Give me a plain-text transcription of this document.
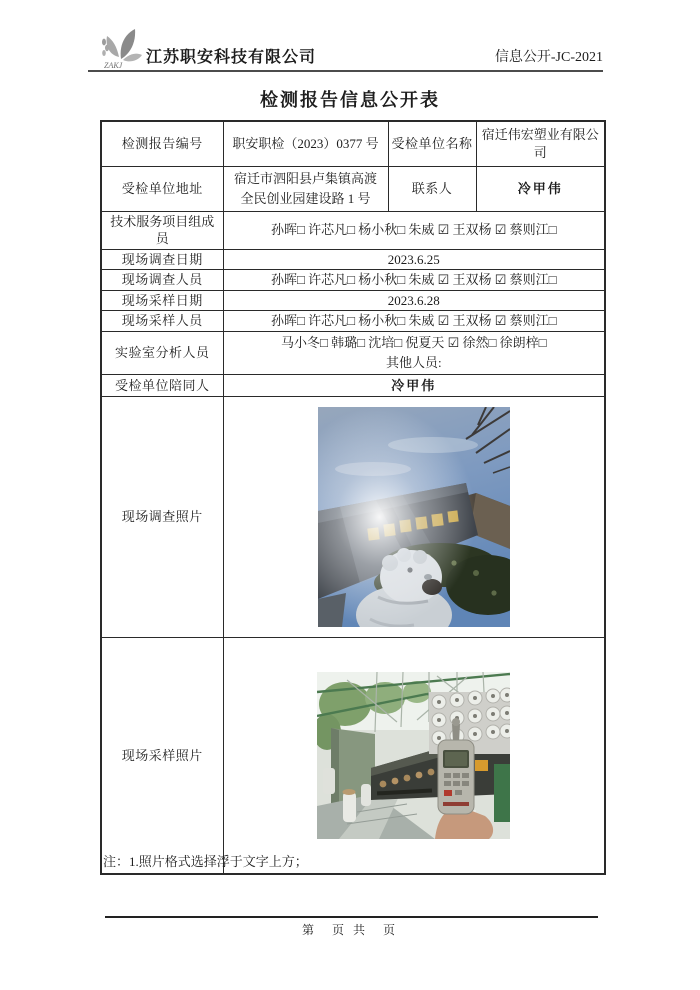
ZAKJ 江苏职安科技有限公司	信息公开-JC-2021
检测报告信息公开表
检测报告编号	职安职检（2023）0377 号	受检单位名称	宿迁伟宏塑业有限公司
受检单位地址	宿迁市泗阳县卢集镇高渡
全民创业园建设路 1 号	联系人	冷甲伟
技术服务项目组成员	孙晖□ 许芯凡□ 杨小秋□ 朱威 ☑ 王双杨 ☑ 蔡则江□		
现场调查日期	2023.6.25		
现场调查人员	孙晖□ 许芯凡□ 杨小秋□ 朱威 ☑ 王双杨 ☑ 蔡则江□		
现场采样日期	2023.6.28		
现场采样人员	孙晖□ 许芯凡□ 杨小秋□ 朱威 ☑ 王双杨 ☑ 蔡则江□		
实验室分析人员	马小冬□ 韩璐□ 沈培□ 倪夏天 ☑ 徐然□ 徐朗梓□
其他人员:		

受检单位陪同人	冷甲伟		
现场调查照片	
现场采样照片	
注：1.照片格式选择浮于文字上方；
第　页 共　页
